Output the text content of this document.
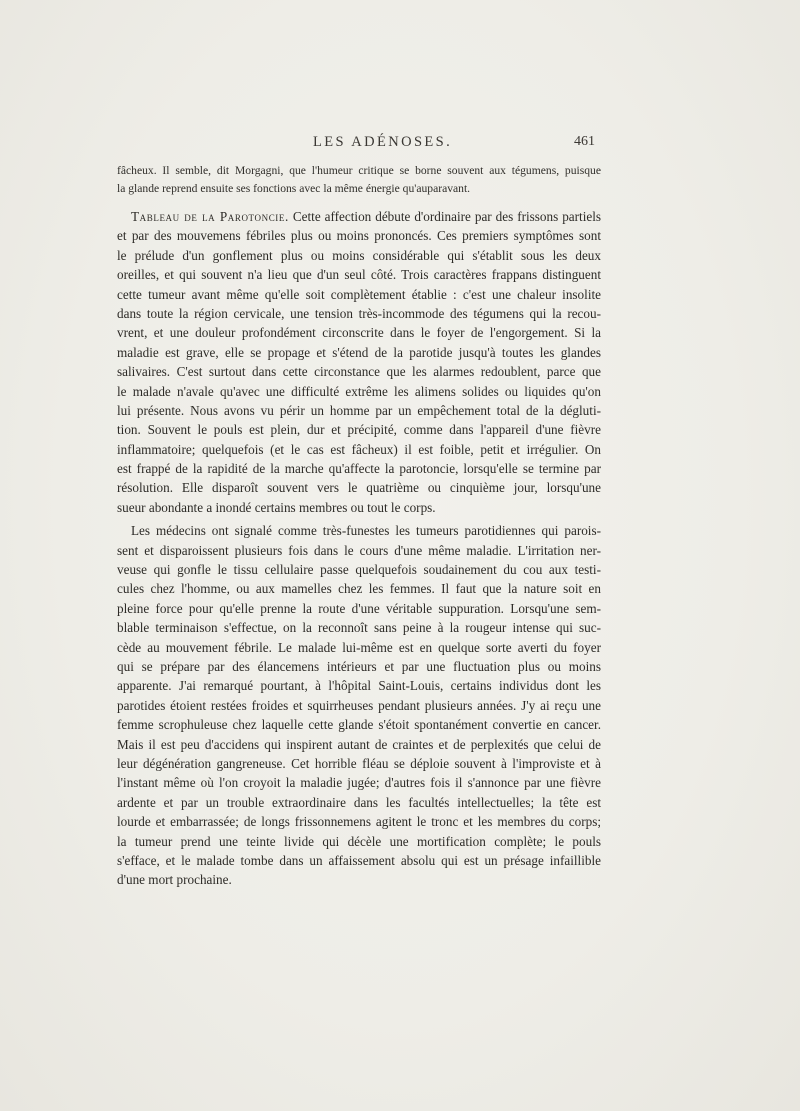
LES ADÉNOSES.	461
fâcheux. Il semble, dit Morgagni, que l'humeur critique se borne souvent aux tégumens, puisque
la glande reprend ensuite ses fonctions avec la même énergie qu'auparavant.
Tableau de la Parotoncie. Cette affection débute d'ordinaire par des frissons partiels
et par des mouvemens fébriles plus ou moins prononcés. Ces premiers symptômes sont
le prélude d'un gonflement plus ou moins considérable qui s'établit sous les deux
oreilles, et qui souvent n'a lieu que d'un seul côté. Trois caractères frappans distinguent
cette tumeur avant même qu'elle soit complètement établie : c'est une chaleur insolite
dans toute la région cervicale, une tension très-incommode des tégumens qui la recou-
vrent, et une douleur profondément circonscrite dans le foyer de l'engorgement. Si la
maladie est grave, elle se propage et s'étend de la parotide jusqu'à toutes les glandes
salivaires. C'est surtout dans cette circonstance que les alarmes redoublent, parce que
le malade n'avale qu'avec une difficulté extrême les alimens solides ou liquides qu'on
lui présente. Nous avons vu périr un homme par un empêchement total de la dégluti-
tion. Souvent le pouls est plein, dur et précipité, comme dans l'appareil d'une fièvre
inflammatoire; quelquefois (et le cas est fâcheux) il est foible, petit et irrégulier. On
est frappé de la rapidité de la marche qu'affecte la parotoncie, lorsqu'elle se termine par
résolution. Elle disparoît souvent vers le quatrième ou cinquième jour, lorsqu'une
sueur abondante a inondé certains membres ou tout le corps.
Les médecins ont signalé comme très-funestes les tumeurs parotidiennes qui parois-
sent et disparoissent plusieurs fois dans le cours d'une même maladie. L'irritation ner-
veuse qui gonfle le tissu cellulaire passe quelquefois soudainement du cou aux testi-
cules chez l'homme, ou aux mamelles chez les femmes. Il faut que la nature soit en
pleine force pour qu'elle prenne la route d'une véritable suppuration. Lorsqu'une sem-
blable terminaison s'effectue, on la reconnoît sans peine à la rougeur intense qui suc-
cède au mouvement fébrile. Le malade lui-même est en quelque sorte averti du foyer
qui se prépare par des élancemens intérieurs et par une fluctuation plus ou moins
apparente. J'ai remarqué pourtant, à l'hôpital Saint-Louis, certains individus dont les
parotides étoient restées froides et squirrheuses pendant plusieurs années. J'y ai reçu une
femme scrophuleuse chez laquelle cette glande s'étoit spontanément convertie en cancer.
Mais il est peu d'accidens qui inspirent autant de craintes et de perplexités que celui de
leur dégénération gangreneuse. Cet horrible fléau se déploie souvent à l'improviste et à
l'instant même où l'on croyoit la maladie jugée; d'autres fois il s'annonce par une fièvre
ardente et par un trouble extraordinaire dans les facultés intellectuelles; la tête est
lourde et embarrassée; de longs frissonnemens agitent le tronc et les membres du corps;
la tumeur prend une teinte livide qui décèle une mortification complète; le pouls
s'efface, et le malade tombe dans un affaissement absolu qui est un présage infaillible
d'une mort prochaine.
